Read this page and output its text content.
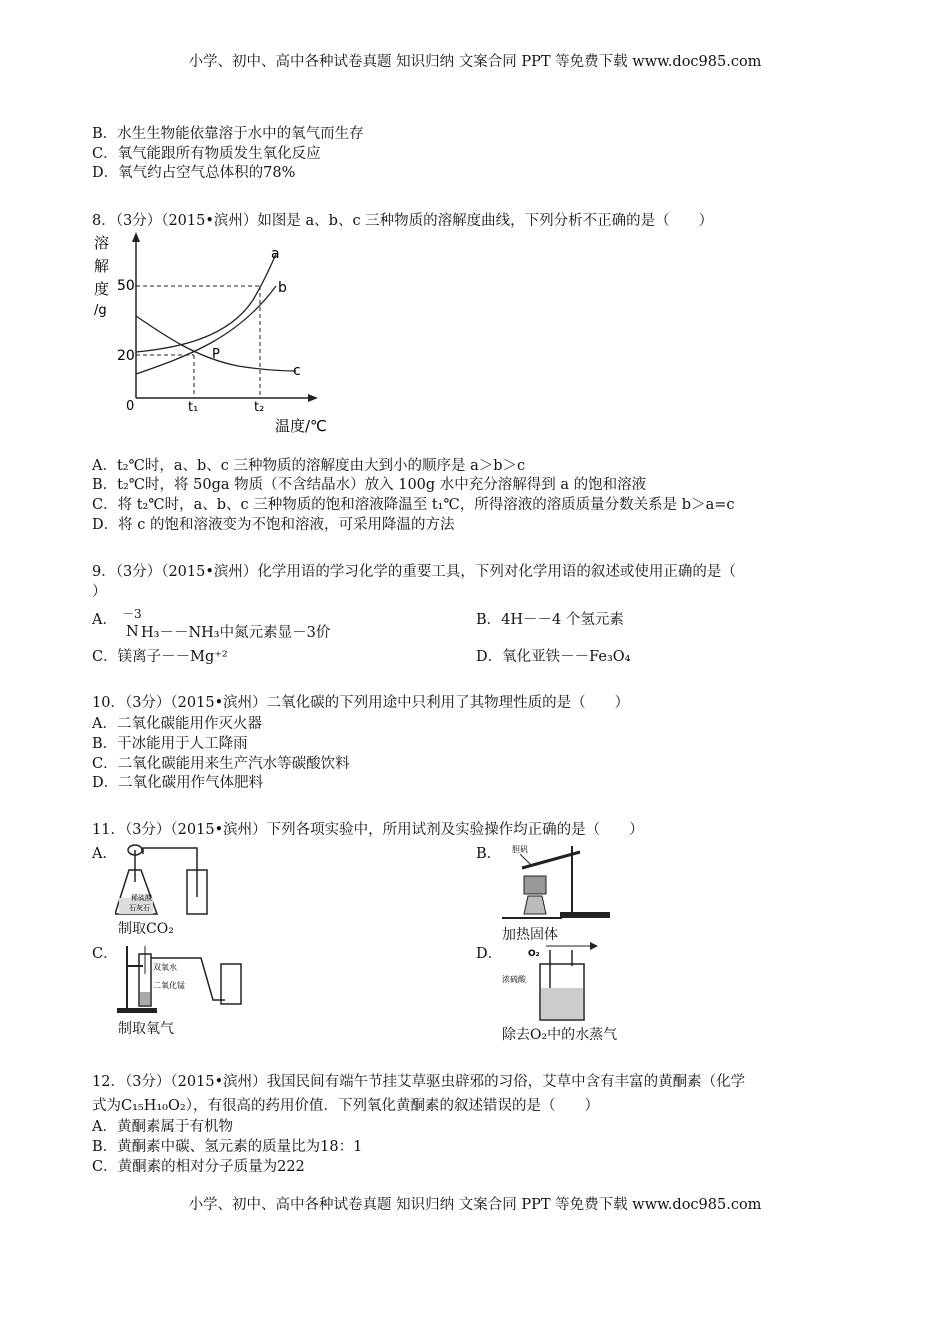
小学、初中、高中各种试卷真题 知识归纳 文案合同 PPT 等免费下载 www.doc985.com
B．水生生物能依靠溶于水中的氧气而生存
C．氧气能跟所有物质发生氧化反应
D．氧气约占空气总体积的78%
8．（3分）（2015•滨州）如图是 a、b、c 三种物质的溶解度曲线，下列分析不正确的是（　　）
溶
解
度
/g
a
b
c
P
50
20
0	t₁	t₂
温度/℃
A．t₂℃时，a、b、c 三种物质的溶解度由大到小的顺序是 a＞b＞c
B．t₂℃时，将 50ga 物质（不含结晶水）放入 100g 水中充分溶解得到 a 的饱和溶液
C．将 t₂℃时，a、b、c 三种物质的饱和溶液降温至 t₁℃，所得溶液的溶质质量分数关系是 b＞a=c
D．将 c 的饱和溶液变为不饱和溶液，可采用降温的方法
9．（3分）（2015•滨州）化学用语的学习化学的重要工具，下列对化学用语的叙述或使用正确的是（
）
A． －3
N H₃－－NH₃中氮元素显－3价
B．4H－－4 个氢元素
C．镁离子－－Mg⁺²	D．氧化亚铁－－Fe₃O₄
10．（3分）（2015•滨州）二氧化碳的下列用途中只利用了其物理性质的是（　　）
A．二氧化碳能用作灭火器
B．干冰能用于人工降雨
C．二氧化碳能用来生产汽水等碳酸饮料
D．二氧化碳用作气体肥料
11．（3分）（2015•滨州）下列各项实验中，所用试剂及实验操作均正确的是（　　）
A．
稀硫酸
石灰石
制取CO₂
B． 胆矾
加热固体
C．
双氧水
二氧化锰
制取氧气
D．	O₂
浓硫酸
除去O₂中的水蒸气
12．（3分）（2015•滨州）我国民间有端午节挂艾草驱虫辟邪的习俗，艾草中含有丰富的黄酮素（化学
式为C₁₅H₁₀O₂），有很高的药用价值．下列氧化黄酮素的叙述错误的是（　　）
A．黄酮素属于有机物
B．黄酮素中碳、氢元素的质量比为18：1
C．黄酮素的相对分子质量为222
小学、初中、高中各种试卷真题 知识归纳 文案合同 PPT 等免费下载 www.doc985.com
